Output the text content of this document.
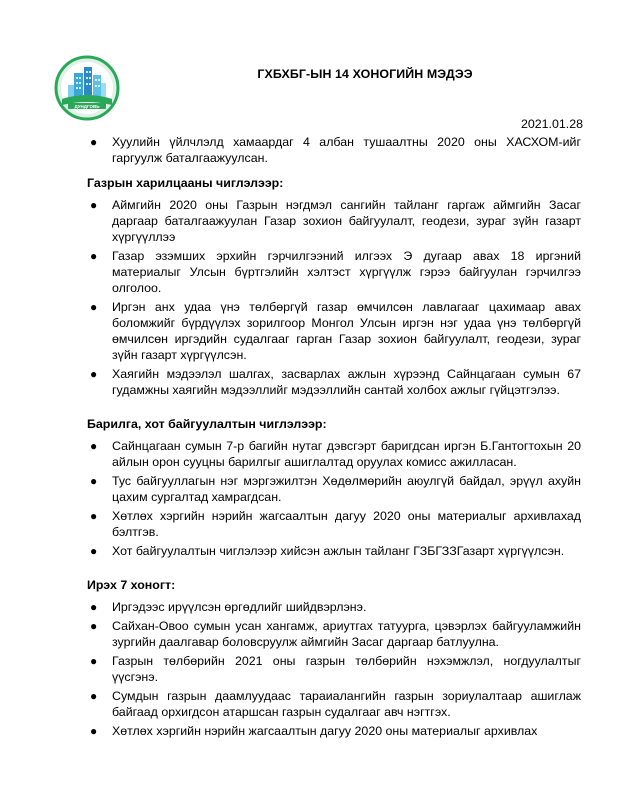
ДУНДГОВЬ
ГХБХБГ-ЫН 14 ХОНОГИЙН МЭДЭЭ
2021.01.28
● Хуулийн үйлчлэлд хамаардаг 4 албан тушаалтны 2020 оны ХАСХОМ-ийг гаргуулж баталгаажуулсан.
Газрын харилцааны чиглэлээр:
● Аймгийн 2020 оны Газрын нэгдмэл сангийн тайланг гаргаж аймгийн Засаг даргаар баталгаажуулан Газар зохион байгуулалт, геодези, зураг зүйн газарт хүргүүллээ
● Газар эзэмших эрхийн гэрчилгээний илгээх Э дугаар авах 18 иргэний материалыг Улсын бүртгэлийн хэлтэст хүргүүлж гэрээ байгуулан гэрчилгээ олголоо.
● Иргэн анх удаа үнэ төлбөргүй газар өмчилсөн лавлагааг цахимаар авах боломжийг бүрдүүлэх зорилгоор Монгол Улсын иргэн нэг удаа үнэ төлбөргүй өмчилсөн иргэдийн судалгааг гарган Газар зохион байгуулалт, геодези, зураг зүйн газарт хүргүүлсэн.
● Хаягийн мэдээлэл шалгах, засварлах ажлын хүрээнд Сайнцагаан сумын 67 гудамжны хаягийн мэдээллийг мэдээллийн сантай холбох ажлыг гүйцэтгэлээ.
Барилга, хот байгуулалтын чиглэлээр:
● Сайнцагаан сумын 7-р багийн нутаг дэвсгэрт баригдсан иргэн Б.Гантогтохын 20 айлын орон сууцны барилгыг ашиглалтад оруулах комисс ажилласан.
● Тус байгууллагын нэг мэргэжилтэн Хөдөлмөрийн аюулгүй байдал, эрүүл ахуйн цахим сургалтад хамрагдсан.
● Хөтлөх хэргийн нэрийн жагсаалтын дагуу 2020 оны материалыг архивлахад бэлтгэв.
● Хот байгуулалтын чиглэлээр хийсэн ажлын тайланг ГЗБГЗЗГазарт хүргүүлсэн.
Ирэх 7 хоногт:
● Иргэдээс ирүүлсэн өргөдлийг шийдвэрлэнэ.
● Сайхан-Овоо сумын усан хангамж, ариутгах татуурга, цэвэрлэх байгууламжийн зургийн даалгавар боловсруулж аймгийн Засаг даргаар батлуулна.
● Газрын төлбөрийн 2021 оны газрын төлбөрийн нэхэмжлэл, ногдуулалтыг үүсгэнэ.
● Сумдын газрын даамлуудаас тараиалангийн газрын зориулалтаар ашиглаж байгаад орхигдсон атаршсан газрын судалгааг авч нэгтгэх.
● Хөтлөх хэргийн нэрийн жагсаалтын дагуу 2020 оны материалыг архивлах
